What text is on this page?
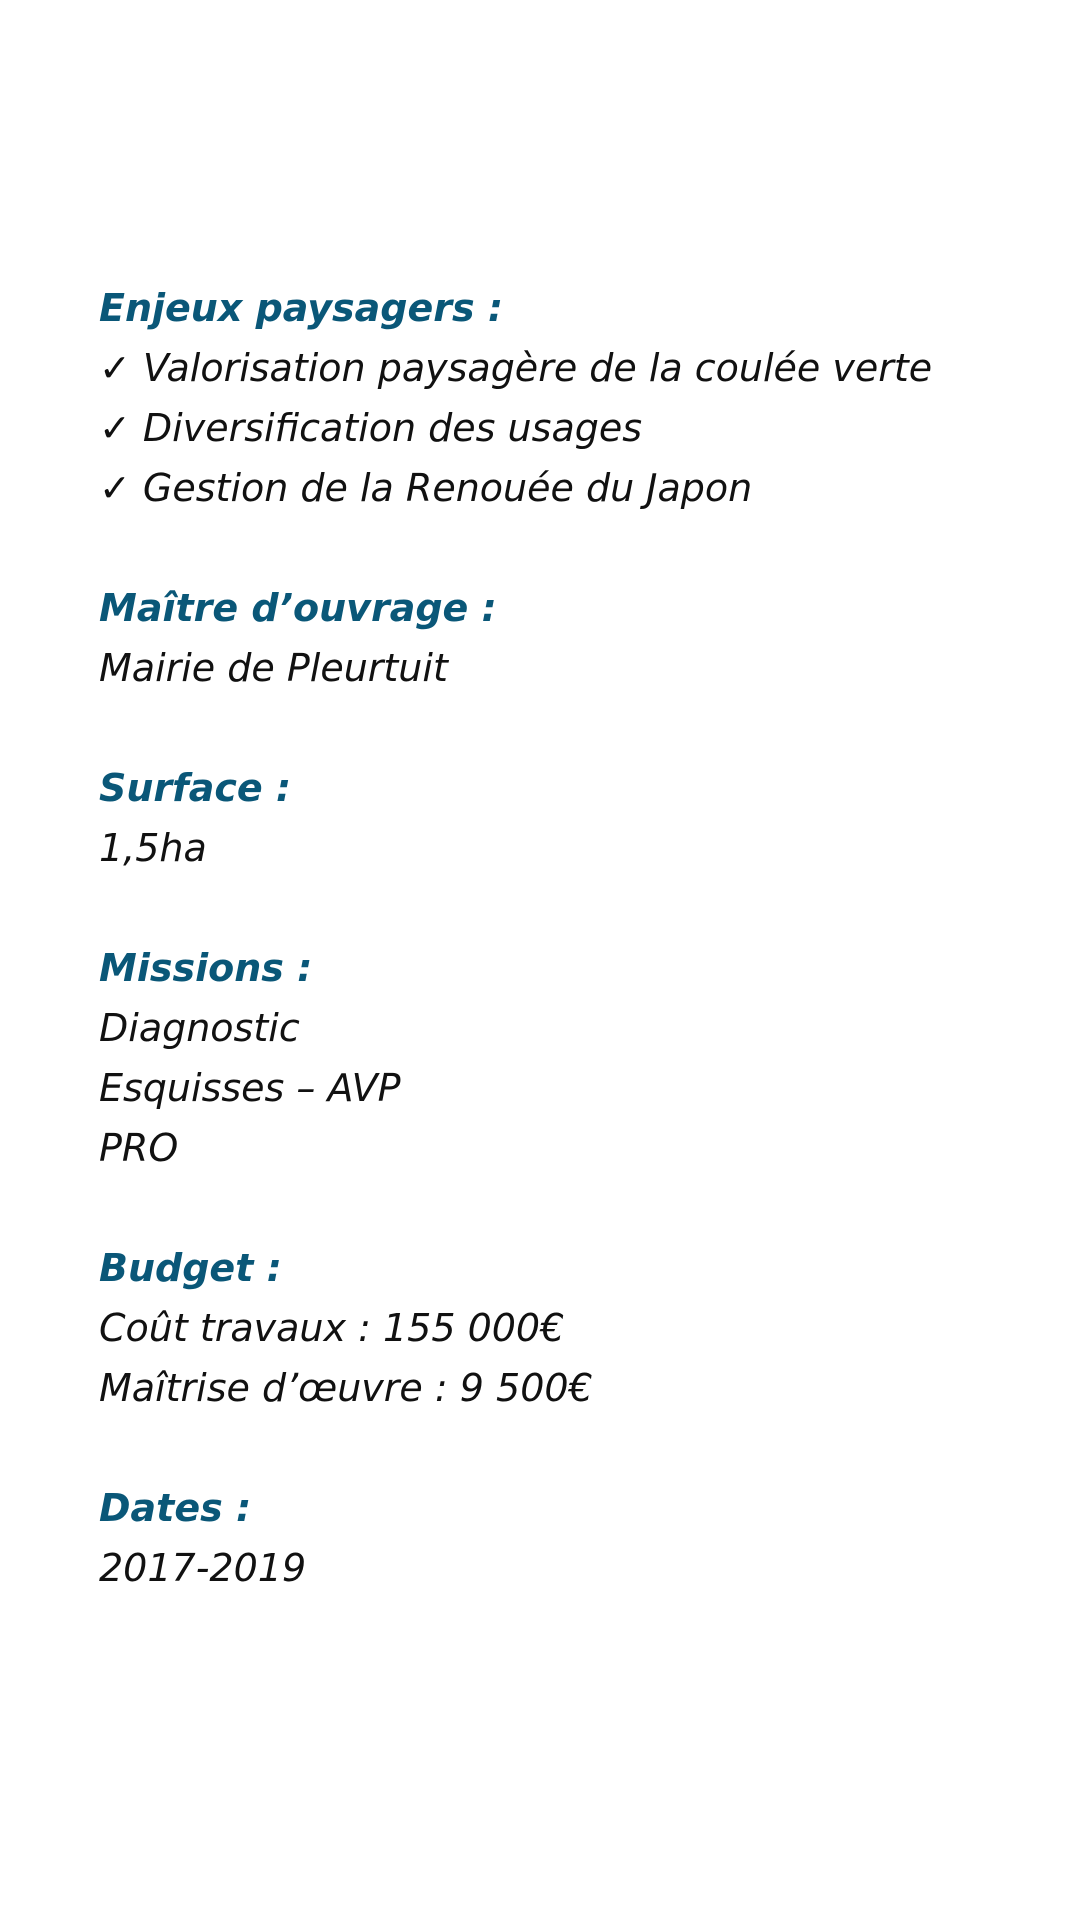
Enjeux paysagers :
✓ Valorisation paysagère de la coulée verte
✓ Diversification des usages
✓ Gestion de la Renouée du Japon
Maître d’ouvrage :
Mairie de Pleurtuit
Surface :
1,5ha
Missions :
Diagnostic
Esquisses – AVP
PRO
Budget :
Coût travaux : 155 000€
Maîtrise d’œuvre : 9 500€
Dates :
2017-2019
